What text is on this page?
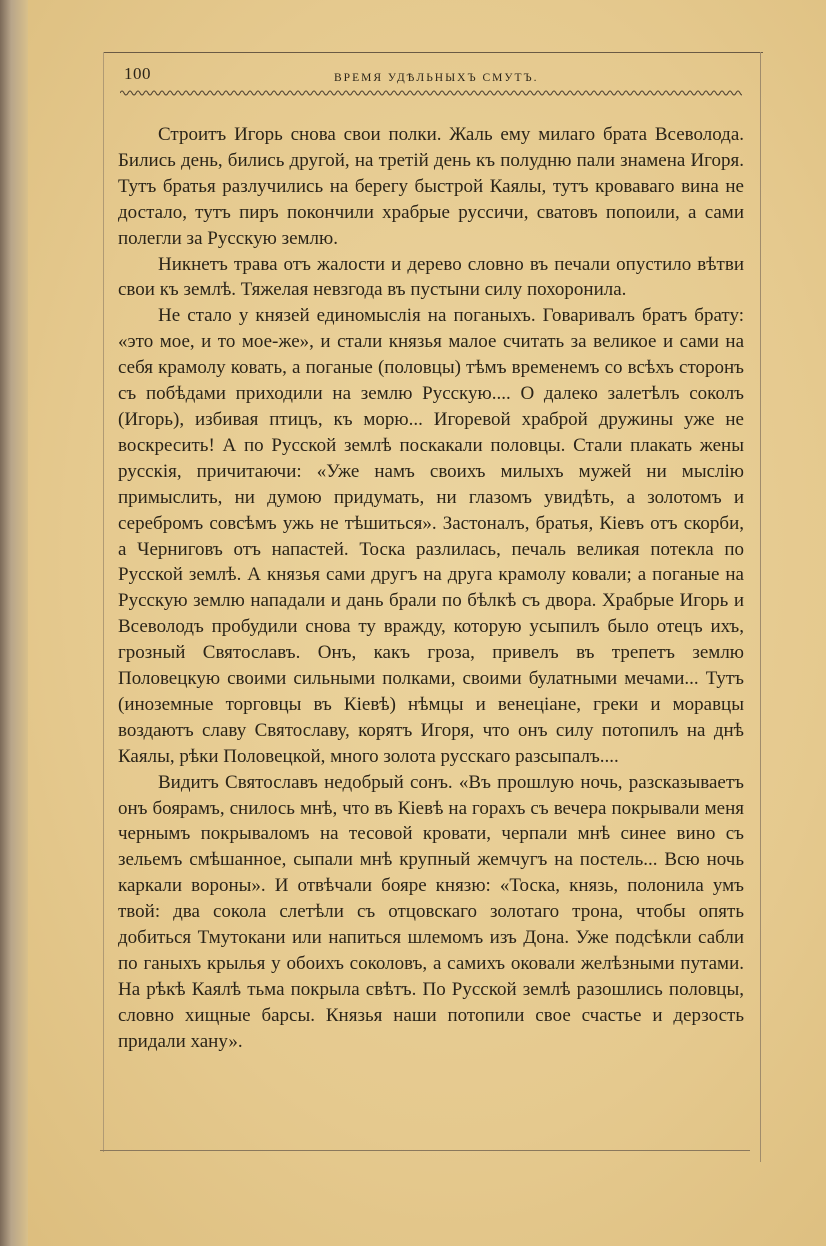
100	ВРЕМЯ УДѢЛЬНЫХЪ СМУТЪ.

Строитъ Игорь снова свои полки. Жаль ему милаго брата Всеволода. Бились день, бились другой, на третій день къ полудню пали знамена Игоря. Тутъ братья разлучились на берегу быстрой Каялы, тутъ кроваваго вина не достало, тутъ пиръ покончили храбрые руссичи, сватовъ попоили, а сами полегли за Русскую землю.

Никнетъ трава отъ жалости и дерево словно въ печали опустило вѣтви свои къ землѣ. Тяжелая невзгода въ пустыни силу похоронила.

Не стало у князей единомыслія на поганыхъ. Говаривалъ братъ брату: «это мое, и то мое-же», и стали князья малое считать за великое и сами на себя крамолу ковать, а поганые (половцы) тѣмъ временемъ со всѣхъ сторонъ съ побѣдами приходили на землю Русскую.... О далеко залетѣлъ соколъ (Игорь), избивая птицъ, къ морю... Игоревой храброй дружины уже не воскресить! А по Русской землѣ поскакали половцы. Стали плакать жены русскія, причитаючи: «Уже намъ своихъ милыхъ мужей ни мыслію примыслить, ни думою придумать, ни глазомъ увидѣть, а золотомъ и серебромъ совсѣмъ ужь не тѣшиться». Застоналъ, братья, Кіевъ отъ скорби, а Черниговъ отъ напастей. Тоска разлилась, печаль великая потекла по Русской землѣ. А князья сами другъ на друга крамолу ковали; а поганые на Русскую землю нападали и дань брали по бѣлкѣ съ двора. Храбрые Игорь и Всеволодъ пробудили снова ту вражду, которую усыпилъ было отецъ ихъ, грозный Святославъ. Онъ, какъ гроза, привелъ въ трепетъ землю Половецкую своими сильными полками, своими булатными мечами... Тутъ (иноземные торговцы въ Кіевѣ) нѣмцы и венеціане, греки и моравцы воздаютъ славу Святославу, корятъ Игоря, что онъ силу потопилъ на днѣ Каялы, рѣки Половецкой, много золота русскаго разсыпалъ....

Видитъ Святославъ недобрый сонъ. «Въ прошлую ночь, разсказываетъ онъ боярамъ, снилось мнѣ, что въ Кіевѣ на горахъ съ вечера покрывали меня чернымъ покрываломъ на тесовой кровати, черпали мнѣ синее вино съ зельемъ смѣшанное, сыпали мнѣ крупный жемчугъ на постель... Всю ночь каркали вороны». И отвѣчали бояре князю: «Тоска, князь, полонила умъ твой: два сокола слетѣли съ отцовскаго золотаго трона, чтобы опять добиться Тмутокани или напиться шлемомъ изъ Дона. Уже подсѣкли сабли по ганыхъ крылья у обоихъ соколовъ, а самихъ оковали желѣзными путами. На рѣкѣ Каялѣ тьма покрыла свѣтъ. По Русской землѣ разошлись половцы, словно хищные барсы. Князья наши потопили свое счастье и дерзость придали хану».
